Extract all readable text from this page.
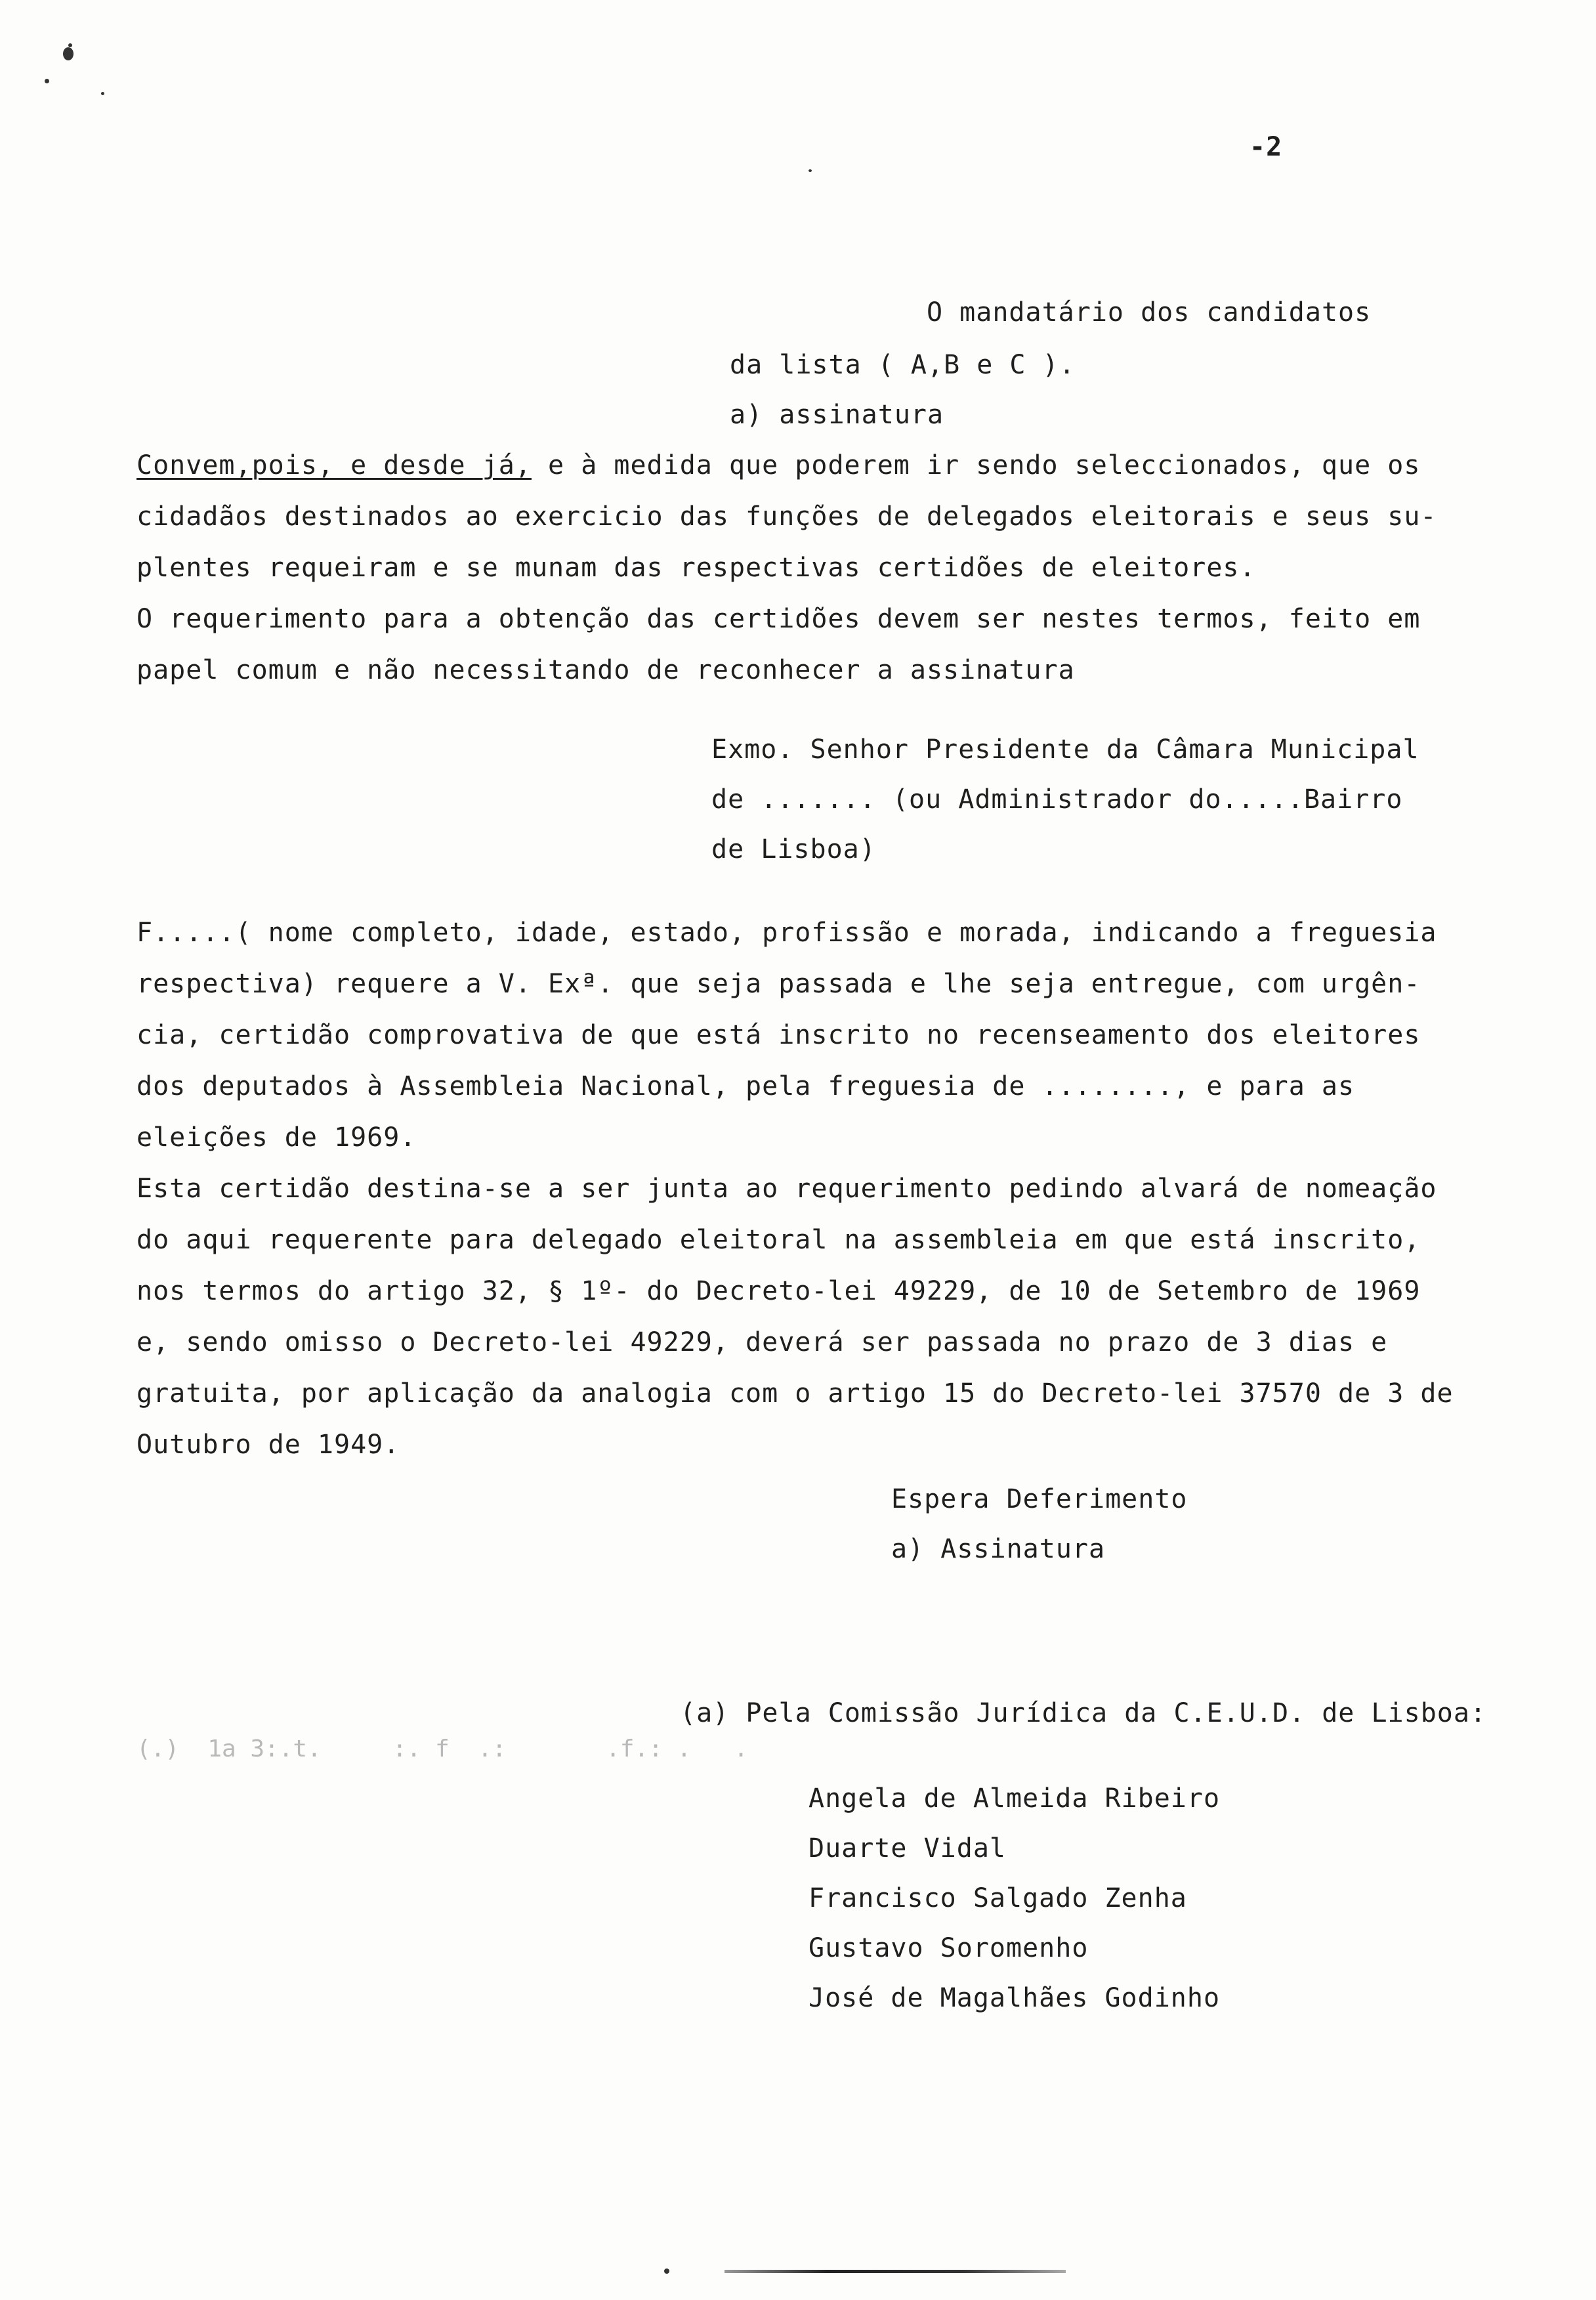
-2
O mandatário dos candidatos
da lista ( A,B e C ).
a) assinatura
Convem,pois, e desde já, e à medida que poderem ir sendo seleccionados, que os
cidadãos destinados ao exercicio das funções de delegados eleitorais e seus su-
plentes requeiram e se munam das respectivas certidões de eleitores.
O requerimento para a obtenção das certidões devem ser nestes termos, feito em
papel comum e não necessitando de reconhecer a assinatura
Exmo. Senhor Presidente da Câmara Municipal
de ....... (ou Administrador do.....Bairro
de Lisboa)
F.....( nome completo, idade, estado, profissão e morada, indicando a freguesia
respectiva) requere a V. Exª. que seja passada e lhe seja entregue, com urgên-
cia, certidão comprovativa de que está inscrito no recenseamento dos eleitores
dos deputados à Assembleia Nacional, pela freguesia de ........, e para as
eleições de 1969.
Esta certidão destina-se a ser junta ao requerimento pedindo alvará de nomeação
do aqui requerente para delegado eleitoral na assembleia em que está inscrito,
nos termos do artigo 32, § 1º- do Decreto-lei 49229, de 10 de Setembro de 1969
e, sendo omisso o Decreto-lei 49229, deverá ser passada no prazo de 3 dias e
gratuita, por aplicação da analogia com o artigo 15 do Decreto-lei 37570 de 3 de
Outubro de 1949.
Espera Deferimento
a) Assinatura
(a) Pela Comissão Jurídica da C.E.U.D. de Lisboa:
(.)  1a 3:.t.     :. f  .:       .f.: .   .
Angela de Almeida Ribeiro
Duarte Vidal
Francisco Salgado Zenha
Gustavo Soromenho
José de Magalhães Godinho
